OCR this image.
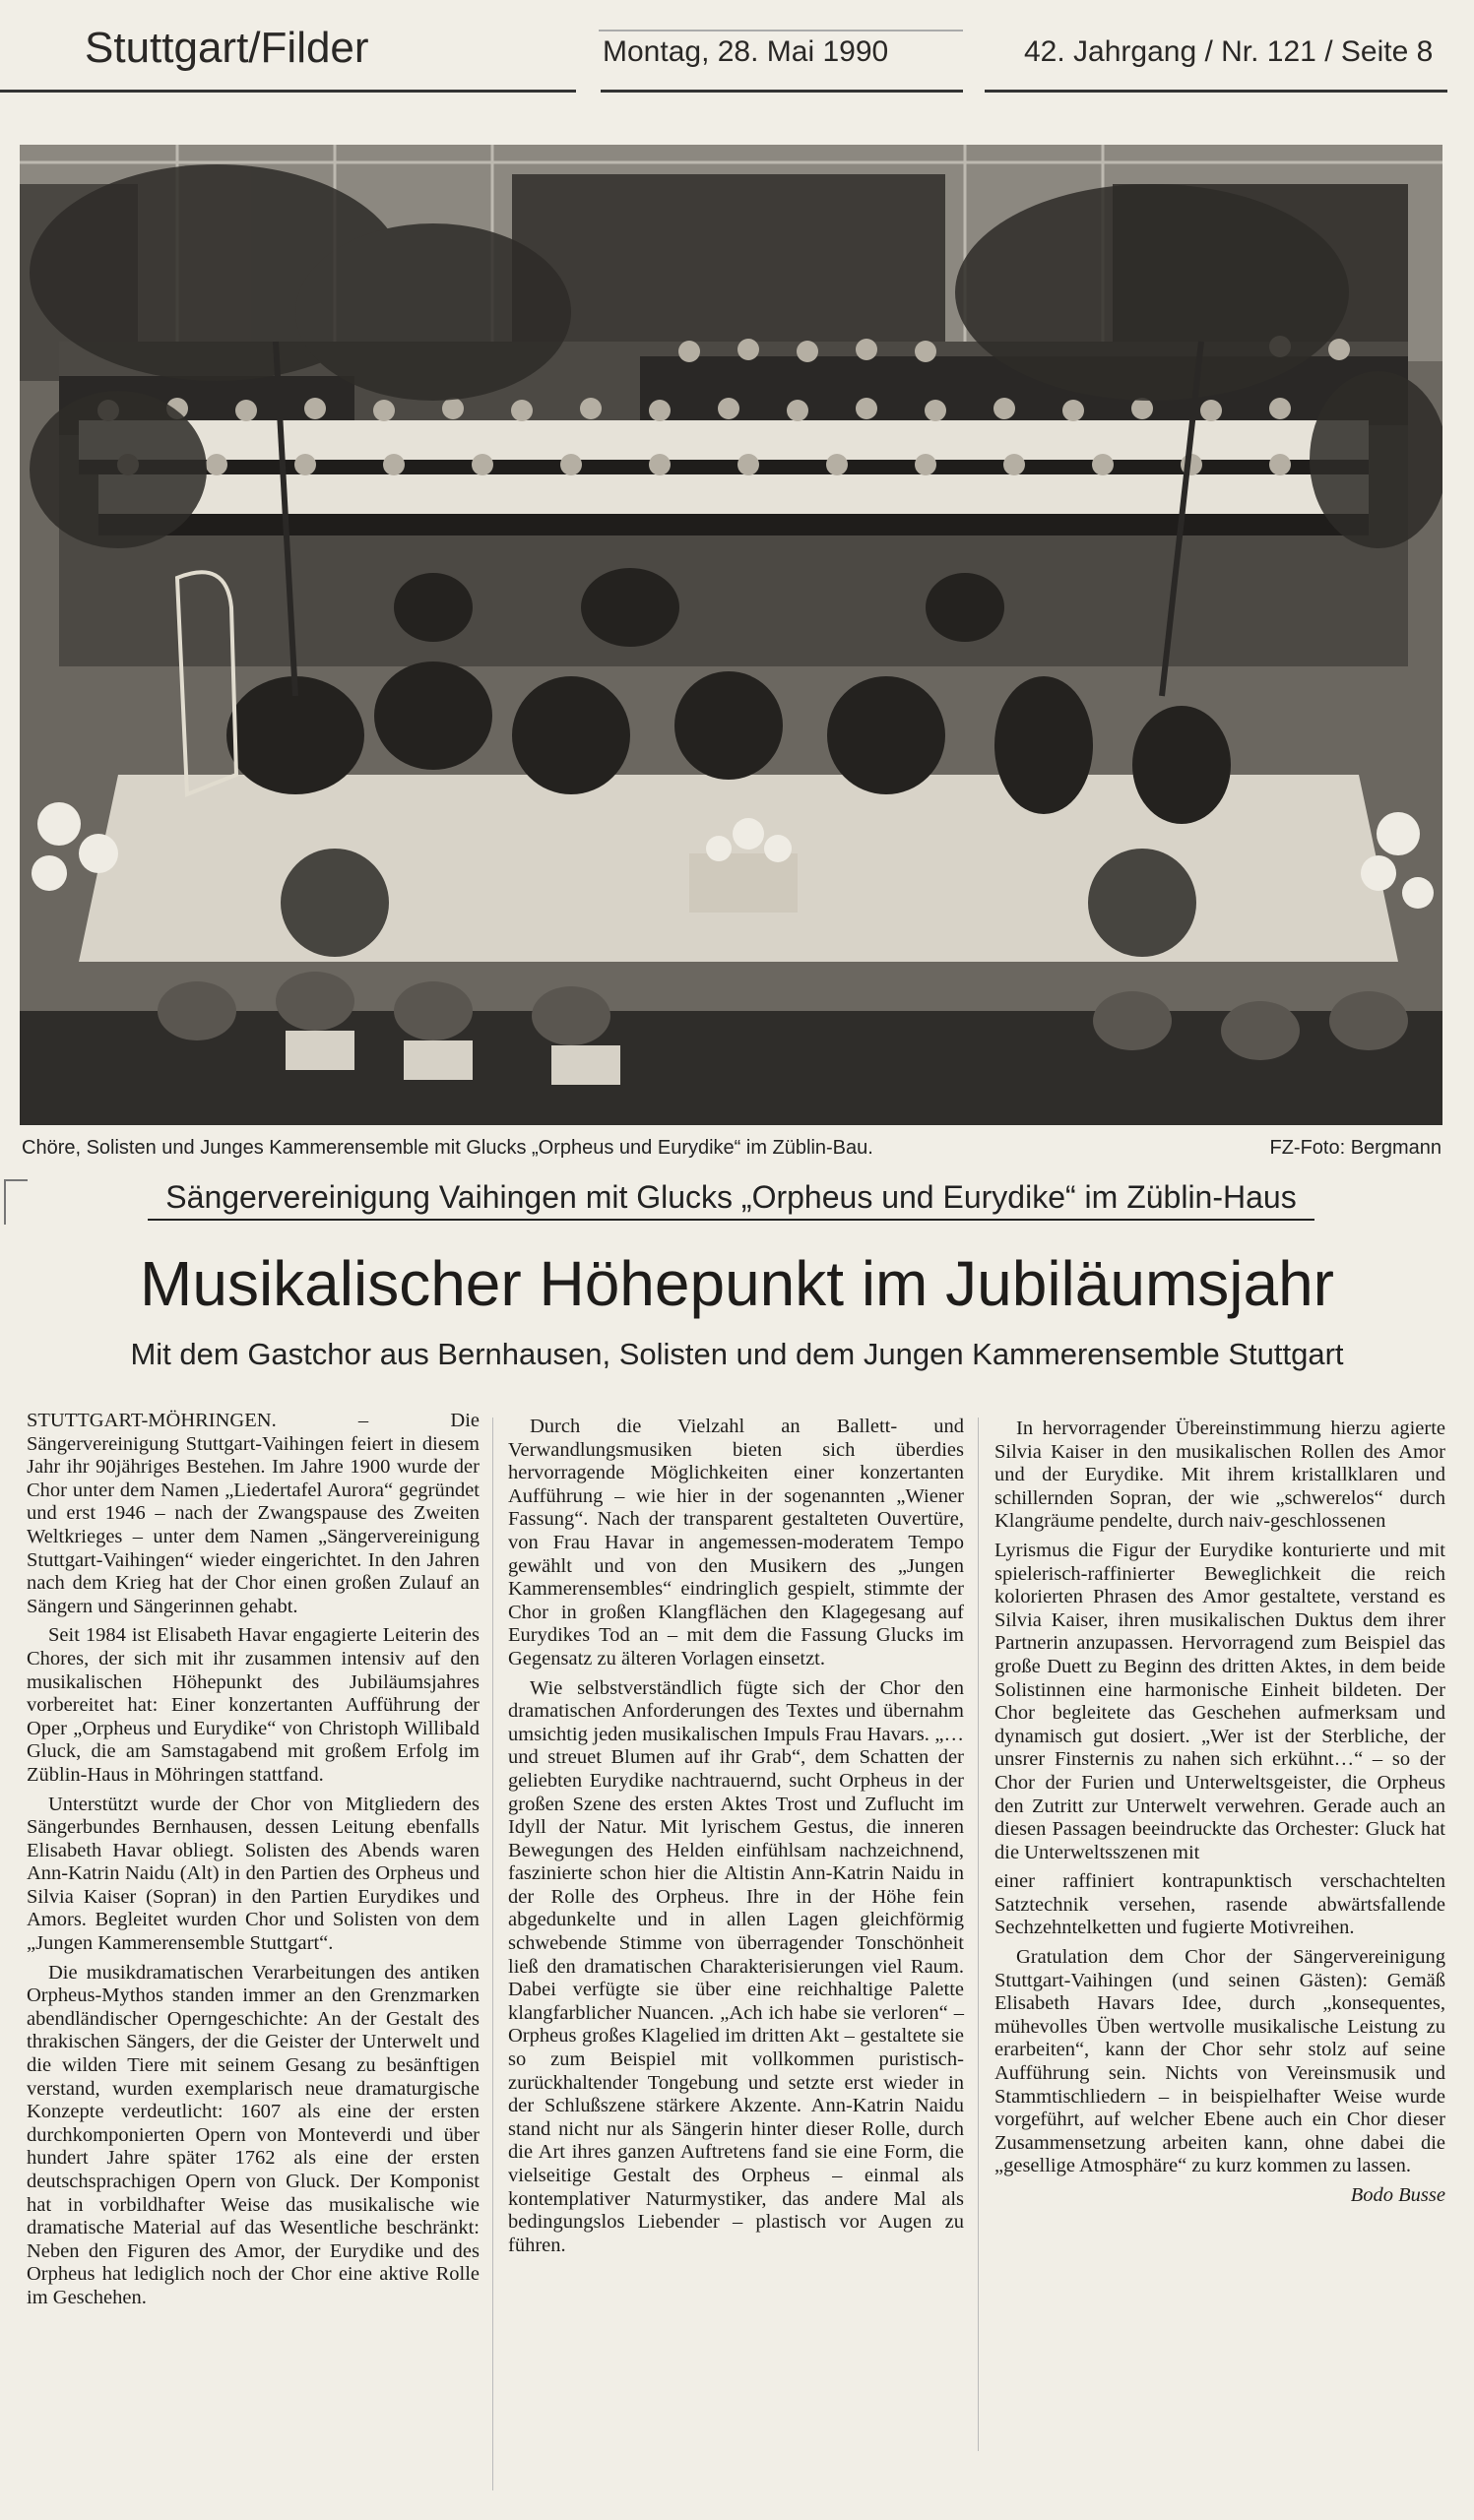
Stuttgart/Filder	Montag, 28. Mai 1990	42. Jahrgang / Nr. 121 / Seite 8
Chöre, Solisten und Junges Kammerensemble mit Glucks „Orpheus und Eurydike“ im Züblin-Bau.	FZ-Foto: Bergmann
Sängervereinigung Vaihingen mit Glucks „Orpheus und Eurydike“ im Züblin-Haus
Musikalischer Höhepunkt im Jubiläumsjahr
Mit dem Gastchor aus Bernhausen, Solisten und dem Jungen Kammerensemble Stuttgart

STUTTGART-MÖHRINGEN. – Die Sängervereinigung Stuttgart-Vaihingen feiert in diesem Jahr ihr 90jähriges Bestehen. Im Jahre 1900 wurde der Chor unter dem Namen „Liedertafel Aurora“ gegründet und erst 1946 – nach der Zwangspause des Zweiten Weltkrieges – unter dem Namen „Sängervereinigung Stuttgart-Vaihingen“ wieder eingerichtet. In den Jahren nach dem Krieg hat der Chor einen großen Zulauf an Sängern und Sängerinnen gehabt.

Seit 1984 ist Elisabeth Havar engagierte Leiterin des Chores, der sich mit ihr zusammen intensiv auf den musikalischen Höhepunkt des Jubiläumsjahres vorbereitet hat: Einer konzertanten Aufführung der Oper „Orpheus und Eurydike“ von Christoph Willibald Gluck, die am Samstagabend mit großem Erfolg im Züblin-Haus in Möhringen stattfand.

Unterstützt wurde der Chor von Mitgliedern des Sängerbundes Bernhausen, dessen Leitung ebenfalls Elisabeth Havar obliegt. Solisten des Abends waren Ann-Katrin Naidu (Alt) in den Partien des Orpheus und Silvia Kaiser (Sopran) in den Partien Eurydikes und Amors. Begleitet wurden Chor und Solisten von dem „Jungen Kammerensemble Stuttgart“.

Die musikdramatischen Verarbeitungen des antiken Orpheus-Mythos standen immer an den Grenzmarken abendländischer Operngeschichte: An der Gestalt des thrakischen Sängers, der die Geister der Unterwelt und die wilden Tiere mit seinem Gesang zu besänftigen verstand, wurden exemplarisch neue dramaturgische Konzepte verdeutlicht: 1607 als eine der ersten durchkomponierten Opern von Monteverdi und über hundert Jahre später 1762 als eine der ersten deutschsprachigen Opern von Gluck. Der Komponist hat in vorbildhafter Weise das musikalische wie dramatische Material auf das Wesentliche beschränkt: Neben den Figuren des Amor, der Eurydike und des Orpheus hat lediglich noch der Chor eine aktive Rolle im Geschehen.

Durch die Vielzahl an Ballett- und Verwandlungsmusiken bieten sich überdies hervorragende Möglichkeiten einer konzertanten Aufführung – wie hier in der sogenannten „Wiener Fassung“. Nach der transparent gestalteten Ouvertüre, von Frau Havar in angemessen-moderatem Tempo gewählt und von den Musikern des „Jungen Kammerensembles“ eindringlich gespielt, stimmte der Chor in großen Klangflächen den Klagegesang auf Eurydikes Tod an – mit dem die Fassung Glucks im Gegensatz zu älteren Vorlagen einsetzt.

Wie selbstverständlich fügte sich der Chor den dramatischen Anforderungen des Textes und übernahm umsichtig jeden musikalischen Impuls Frau Havars. „…und streuet Blumen auf ihr Grab“, dem Schatten der geliebten Eurydike nachtrauernd, sucht Orpheus in der großen Szene des ersten Aktes Trost und Zuflucht im Idyll der Natur. Mit lyrischem Gestus, die inneren Bewegungen des Helden einfühlsam nachzeichnend, faszinierte schon hier die Altistin Ann-Katrin Naidu in der Rolle des Orpheus. Ihre in der Höhe fein abgedunkelte und in allen Lagen gleichförmig schwebende Stimme von überragender Tonschönheit ließ den dramatischen Charakterisierungen viel Raum. Dabei verfügte sie über eine reichhaltige Palette klangfarblicher Nuancen. „Ach ich habe sie verloren“ – Orpheus großes Klagelied im dritten Akt – gestaltete sie so zum Beispiel mit vollkommen puristisch-zurückhaltender Tongebung und setzte erst wieder in der Schlußszene stärkere Akzente. Ann-Katrin Naidu stand nicht nur als Sängerin hinter dieser Rolle, durch die Art ihres ganzen Auftretens fand sie eine Form, die vielseitige Gestalt des Orpheus – einmal als kontemplativer Naturmystiker, das andere Mal als bedingungslos Liebender – plastisch vor Augen zu führen.

In hervorragender Übereinstimmung hierzu agierte Silvia Kaiser in den musikalischen Rollen des Amor und der Eurydike. Mit ihrem kristallklaren und schillernden Sopran, der wie „schwerelos“ durch Klangräume pendelte, durch naiv-geschlossenen

Lyrismus die Figur der Eurydike konturierte und mit spielerisch-raffinierter Beweglichkeit die reich kolorierten Phrasen des Amor gestaltete, verstand es Silvia Kaiser, ihren musikalischen Duktus dem ihrer Partnerin anzupassen. Hervorragend zum Beispiel das große Duett zu Beginn des dritten Aktes, in dem beide Solistinnen eine harmonische Einheit bildeten. Der Chor begleitete das Geschehen aufmerksam und dynamisch gut dosiert. „Wer ist der Sterbliche, der unsrer Finsternis zu nahen sich erkühnt…“ – so der Chor der Furien und Unterweltsgeister, die Orpheus den Zutritt zur Unterwelt verwehren. Gerade auch an diesen Passagen beeindruckte das Orchester: Gluck hat die Unterweltsszenen mit

einer raffiniert kontrapunktisch verschachtelten Satztechnik versehen, rasende abwärtsfallende Sechzehntelketten und fugierte Motivreihen.

Gratulation dem Chor der Sängervereinigung Stuttgart-Vaihingen (und seinen Gästen): Gemäß Elisabeth Havars Idee, durch „konsequentes, mühevolles Üben wertvolle musikalische Leistung zu erarbeiten“, kann der Chor sehr stolz auf seine Aufführung sein. Nichts von Vereinsmusik und Stammtischliedern – in beispielhafter Weise wurde vorgeführt, auf welcher Ebene auch ein Chor dieser Zusammensetzung arbeiten kann, ohne dabei die „gesellige Atmosphäre“ zu kurz kommen zu lassen.

Bodo Busse
